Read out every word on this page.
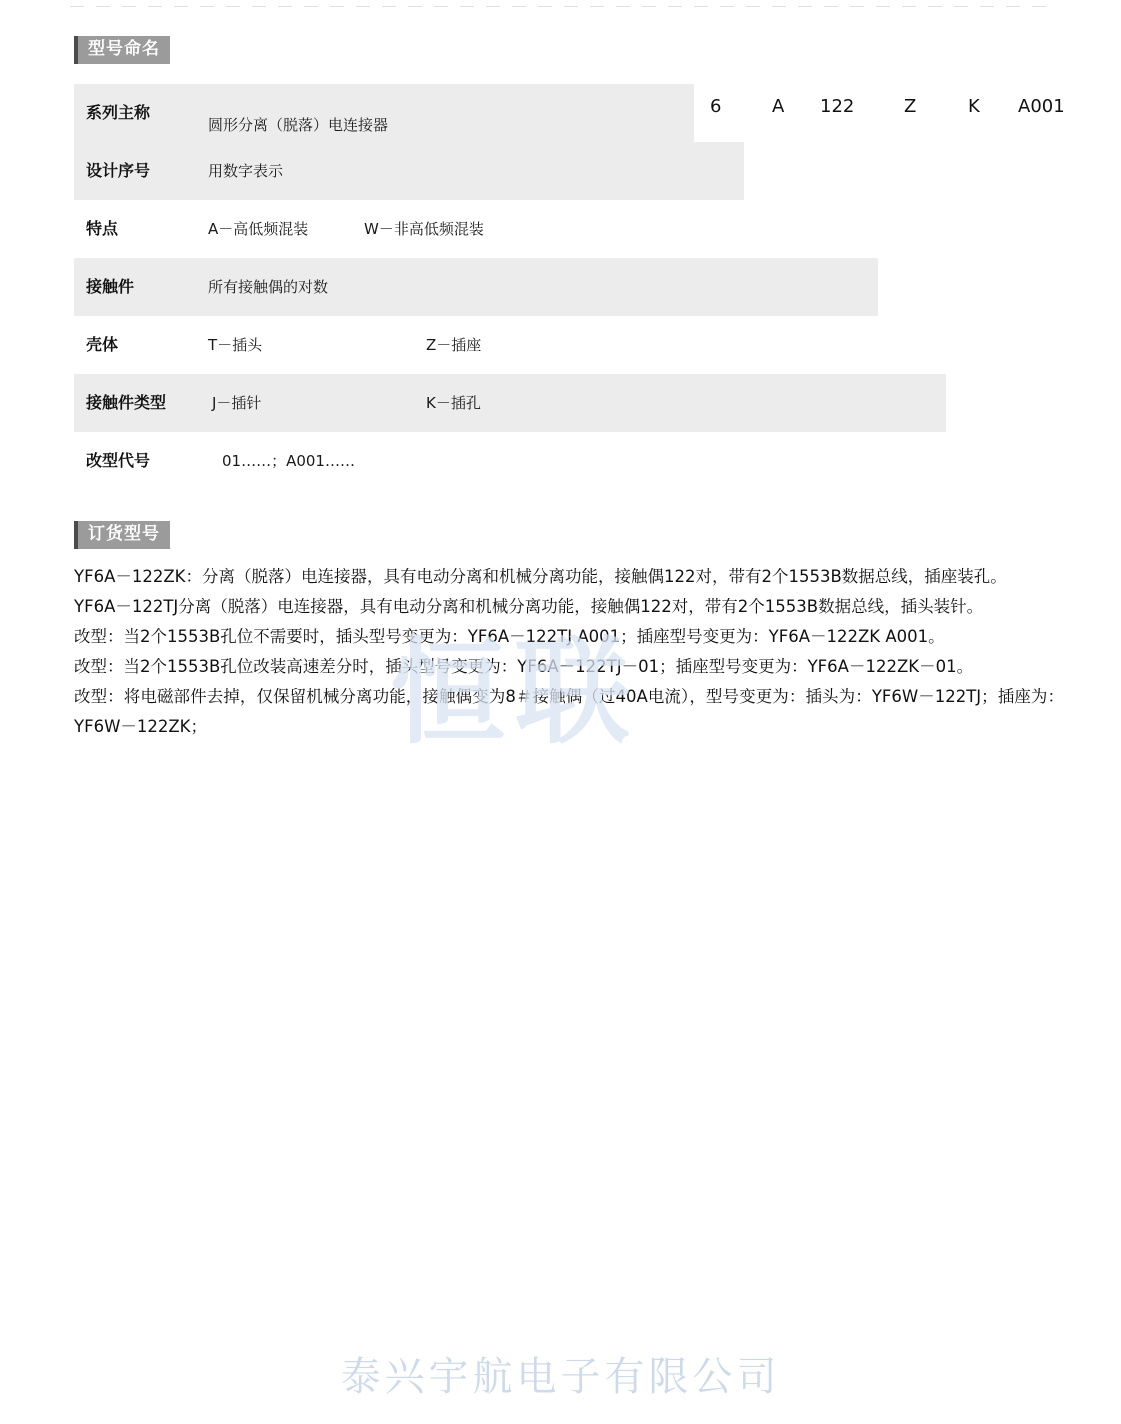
型号命名
6	A 122	Z	K A001
系列主称
圆形分离（脱落）电连接器
设计序号	用数字表示
特点	A－高低频混装	W－非高低频混装
接触件	所有接触偶的对数
壳体	T－插头	Z－插座
接触件类型	J－插针	K－插孔
改型代号	01……；A001……
订货型号

YF6A－122ZK：分离（脱落）电连接器，具有电动分离和机械分离功能，接触偶122对，带有2个1553B数据总线，插座装孔。

YF6A－122TJ分离（脱落）电连接器，具有电动分离和机械分离功能，接触偶122对，带有2个1553B数据总线，插头装针。

改型：当2个1553B孔位不需要时，插头型号变更为：YF6A－122TJ A001；插座型号变更为：YF6A－122ZK A001。

改型：当2个1553B孔位改装高速差分时，插头型号变更为：YF6A－122TJ－01；插座型号变更为：YF6A－122ZK－01。

改型：将电磁部件去掉，仅保留机械分离功能，接触偶变为8＃接触偶（过40A电流），型号变更为：插头为：YF6W－122TJ；插座为：YF6W－122ZK；	恒联
泰兴宇航电子有限公司
